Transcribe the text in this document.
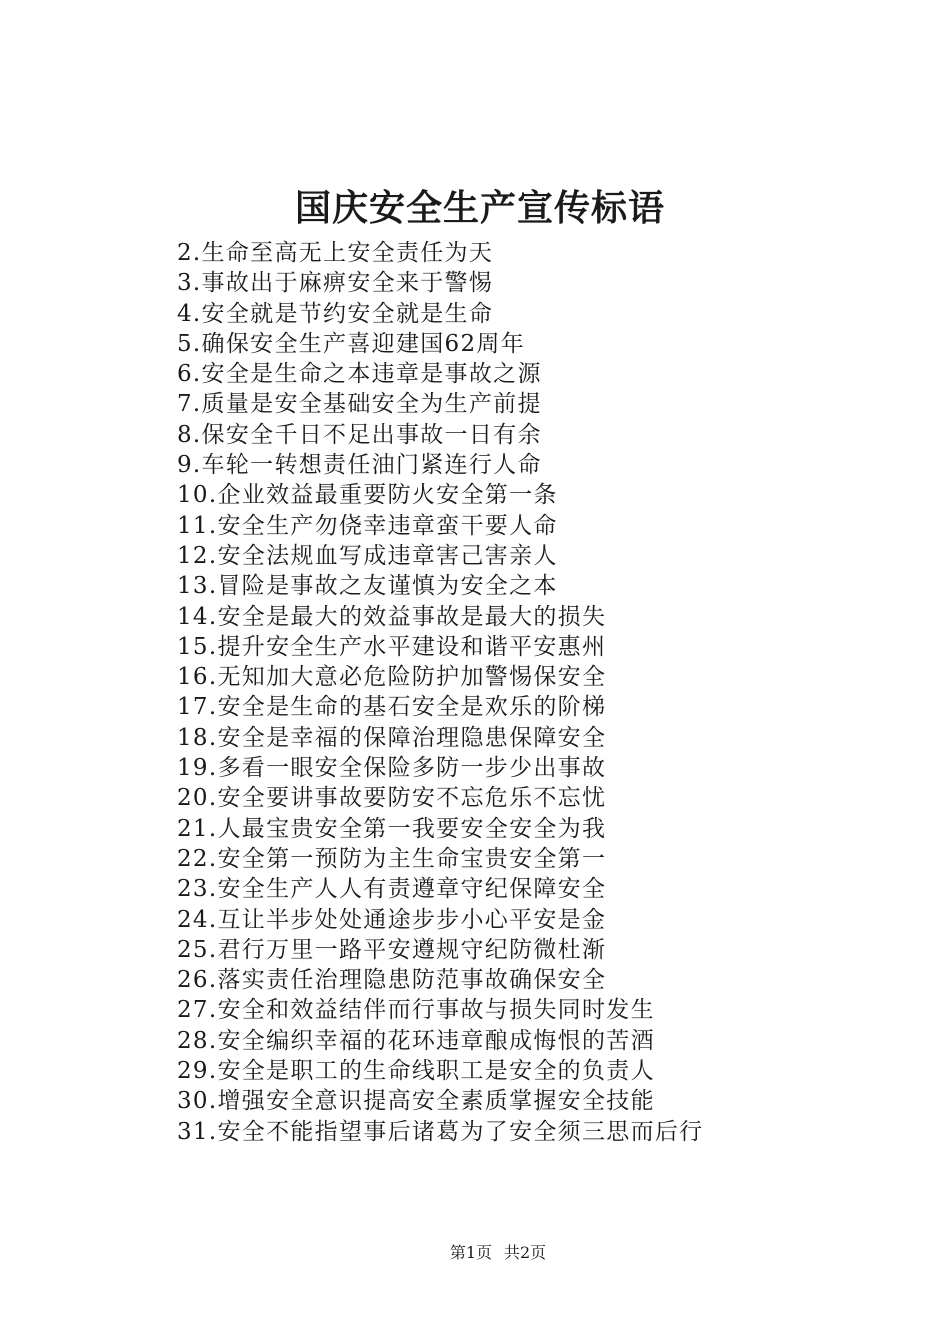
国庆安全生产宣传标语
2.生命至高无上安全责任为天
3.事故出于麻痹安全来于警惕
4.安全就是节约安全就是生命
5.确保安全生产喜迎建国62周年
6.安全是生命之本违章是事故之源
7.质量是安全基础安全为生产前提
8.保安全千日不足出事故一日有余
9.车轮一转想责任油门紧连行人命
10.企业效益最重要防火安全第一条
11.安全生产勿侥幸违章蛮干要人命
12.安全法规血写成违章害己害亲人
13.冒险是事故之友谨慎为安全之本
14.安全是最大的效益事故是最大的损失
15.提升安全生产水平建设和谐平安惠州
16.无知加大意必危险防护加警惕保安全
17.安全是生命的基石安全是欢乐的阶梯
18.安全是幸福的保障治理隐患保障安全
19.多看一眼安全保险多防一步少出事故
20.安全要讲事故要防安不忘危乐不忘忧
21.人最宝贵安全第一我要安全安全为我
22.安全第一预防为主生命宝贵安全第一
23.安全生产人人有责遵章守纪保障安全
24.互让半步处处通途步步小心平安是金
25.君行万里一路平安遵规守纪防微杜渐
26.落实责任治理隐患防范事故确保安全
27.安全和效益结伴而行事故与损失同时发生
28.安全编织幸福的花环违章酿成悔恨的苦酒
29.安全是职工的生命线职工是安全的负责人
30.增强安全意识提高安全素质掌握安全技能
31.安全不能指望事后诸葛为了安全须三思而后行
第1页 共2页
